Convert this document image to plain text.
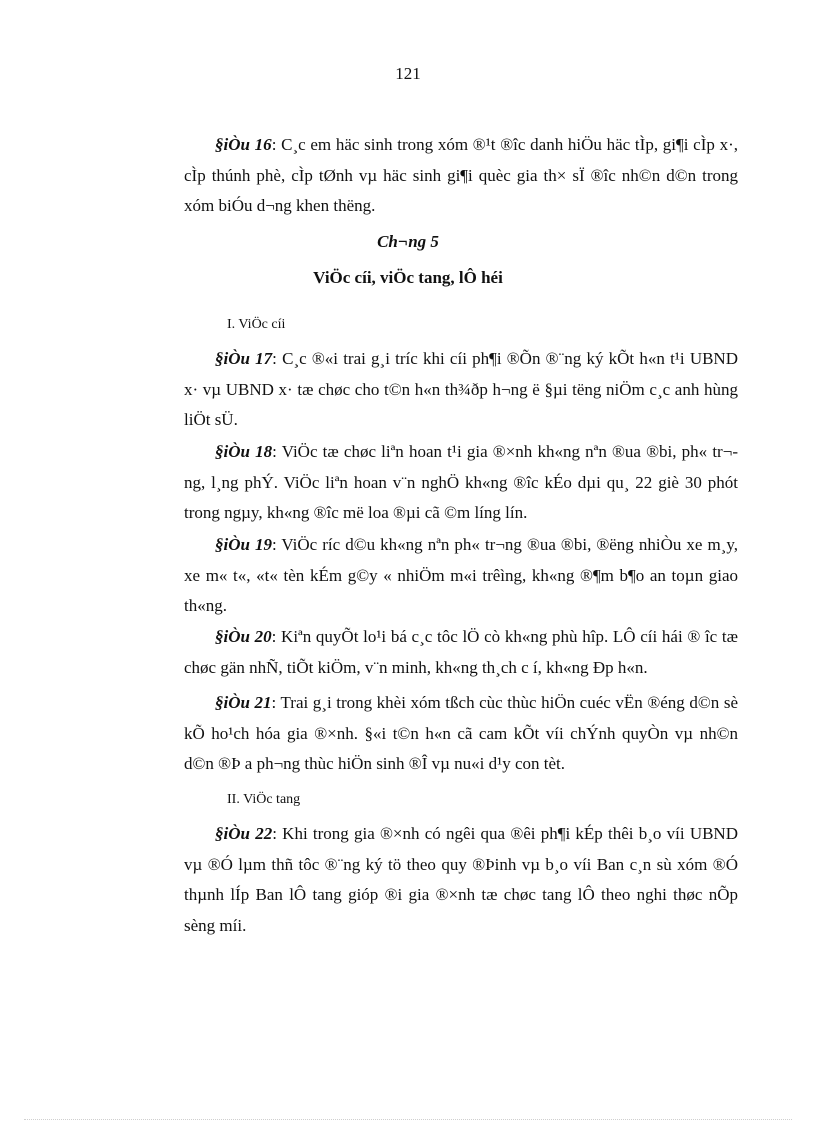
121

§iÒu 16: C¸c em häc sinh trong xóm ®¹t ®îc danh hiÖu häc tÌp, gi¶i cÌp x·, cÌp thúnh phè, cÌp tØnh vµ häc sinh gi¶i quèc gia th× sÏ ®îc nh©n d©n trong xóm biÓu d¬ng khen thëng.

Ch¬ng 5
ViÖc cíi, viÖc tang, lÔ héi
I. ViÖc cíi

§iÒu 17: C¸c ®«i trai g¸i tríc khi cíi ph¶i ®Õn ®¨ng ký kÕt h«n t¹i UBND x· vµ UBND x· tæ chøc cho t©n h«n th¾ðp h¬ng ë §µi tëng niÖm c¸c anh hùng liÖt sÜ.

§iÒu 18: ViÖc tæ chøc liªn hoan t¹i gia ®×nh kh«ng nªn ®ua ®bi, ph« tr¬ng, l¸ng phÝ. ViÖc liªn hoan v¨n nghÖ kh«ng ®îc kÉo dµi qu¸ 22 giè 30 phót trong ngµy, kh«ng ®îc më loa ®µi cã ©m líng lín.

§iÒu 19: ViÖc ríc d©u kh«ng nªn ph« tr¬ng ®ua ®bi, ®ëng nhiÒu xe m¸y, xe m« t«, «t« tèn kÉm g©y « nhiÖm m«i trêìng, kh«ng ®¶m b¶o an toµn giao th«ng.

§iÒu 20: Kiªn quyÕt lo¹i bá c¸c tôc lÖ cò kh«ng phù hîp. LÔ cíi hái ® îc tæ chøc gän nhÑ, tiÕt kiÖm, v¨n minh, kh«ng th¸ch c í, kh«ng Ðp h«n.

§iÒu 21: Trai g¸i trong khèi xóm tßch cùc thùc hiÖn cuéc vËn ®éng d©n sè kÕ ho¹ch hóa gia ®×nh. §«i t©n h«n cã cam kÕt víi chÝnh quyÒn vµ nh©n d©n ®Þ a ph¬ng thùc hiÖn sinh ®Î vµ nu«i d¹y con tèt.

II. ViÖc tang

§iÒu 22: Khi trong gia ®×nh có ngêi qua ®êi ph¶i kÉp thêi b¸o víi UBND vµ ®Ó lµm thñ tôc ®¨ng ký tö theo quy ®Þinh vµ b¸o víi Ban c¸n sù xóm ®Ó thµnh lÍp Ban lÔ tang gióp ®i gia ®×nh tæ chøc tang lÔ theo nghi thøc nÕp sèng míi.
